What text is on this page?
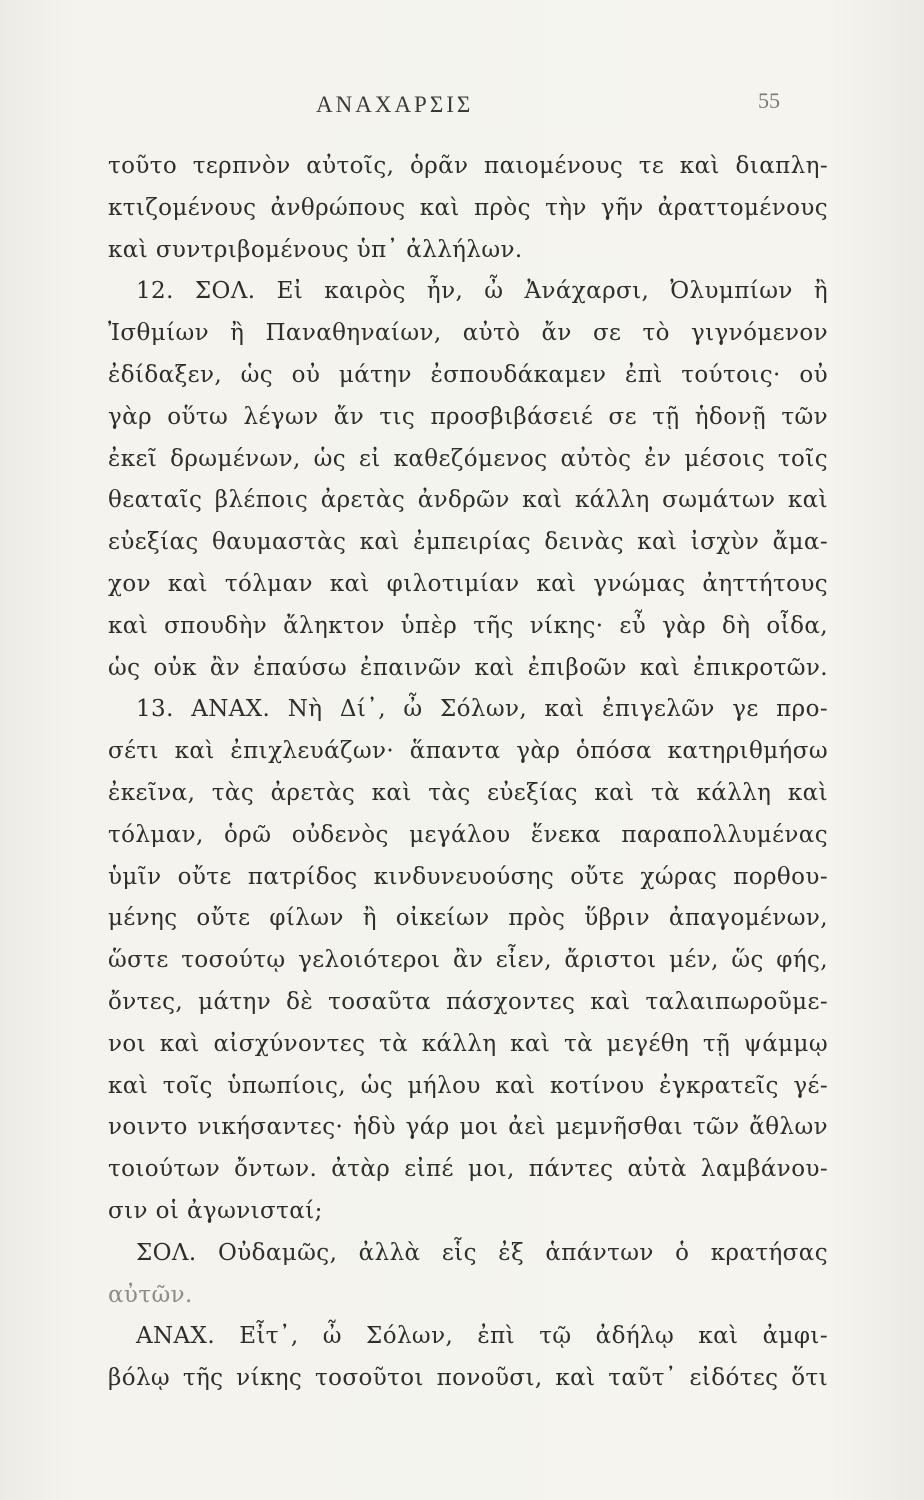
ΑΝΑΧΑΡΣΙΣ	55
τοῦτο τερπνὸν αὐτοῖς, ὁρᾶν παιομένους τε καὶ διαπλη-
κτιζομένους ἀνθρώπους καὶ πρὸς τὴν γῆν ἀραττομένους
καὶ συντριβομένους ὑπ᾽ ἀλλήλων.
12. ΣΟΛ. Εἰ καιρὸς ἦν, ὦ Ἀνάχαρσι, Ὀλυμπίων ἢ
Ἰσθμίων ἢ Παναθηναίων, αὐτὸ ἄν σε τὸ γιγνόμενον
ἐδίδαξεν, ὡς οὐ μάτην ἐσπουδάκαμεν ἐπὶ τούτοις· οὐ
γὰρ οὕτω λέγων ἄν τις προσβιβάσειέ σε τῇ ἡδονῇ τῶν
ἐκεῖ δρωμένων, ὡς εἰ καθεζόμενος αὐτὸς ἐν μέσοις τοῖς
θεαταῖς βλέποις ἀρετὰς ἀνδρῶν καὶ κάλλη σωμάτων καὶ
εὐεξίας θαυμαστὰς καὶ ἐμπειρίας δεινὰς καὶ ἰσχὺν ἄμα-
χον καὶ τόλμαν καὶ φιλοτιμίαν καὶ γνώμας ἀηττήτους
καὶ σπουδὴν ἄληκτον ὑπὲρ τῆς νίκης· εὖ γὰρ δὴ οἶδα,
ὡς οὐκ ἂν ἐπαύσω ἐπαινῶν καὶ ἐπιβοῶν καὶ ἐπικροτῶν.
13. ΑΝΑΧ. Νὴ Δί᾽, ὦ Σόλων, καὶ ἐπιγελῶν γε προ-
σέτι καὶ ἐπιχλευάζων· ἅπαντα γὰρ ὁπόσα κατηριθμήσω
ἐκεῖνα, τὰς ἀρετὰς καὶ τὰς εὐεξίας καὶ τὰ κάλλη καὶ
τόλμαν, ὁρῶ οὐδενὸς μεγάλου ἕνεκα παραπολλυμένας
ὑμῖν οὔτε πατρίδος κινδυνευούσης οὔτε χώρας πορθου-
μένης οὔτε φίλων ἢ οἰκείων πρὸς ὕβριν ἀπαγομένων,
ὥστε τοσούτῳ γελοιότεροι ἂν εἶεν, ἄριστοι μέν, ὥς φής,
ὄντες, μάτην δὲ τοσαῦτα πάσχοντες καὶ ταλαιπωροῦμε-
νοι καὶ αἰσχύνοντες τὰ κάλλη καὶ τὰ μεγέθη τῇ ψάμμῳ
καὶ τοῖς ὑπωπίοις, ὡς μήλου καὶ κοτίνου ἐγκρατεῖς γέ-
νοιντο νικήσαντες· ἡδὺ γάρ μοι ἀεὶ μεμνῆσθαι τῶν ἄθλων
τοιούτων ὄντων. ἀτὰρ εἰπέ μοι, πάντες αὐτὰ λαμβάνου-
σιν οἱ ἀγωνισταί;
ΣΟΛ. Οὐδαμῶς, ἀλλὰ εἷς ἐξ ἁπάντων ὁ κρατήσας
αὐτῶν.
ΑΝΑΧ. Εἶτ᾽, ὦ Σόλων, ἐπὶ τῷ ἀδήλῳ καὶ ἀμφι-
βόλῳ τῆς νίκης τοσοῦτοι πονοῦσι, καὶ ταῦτ᾽ εἰδότες ὅτι
